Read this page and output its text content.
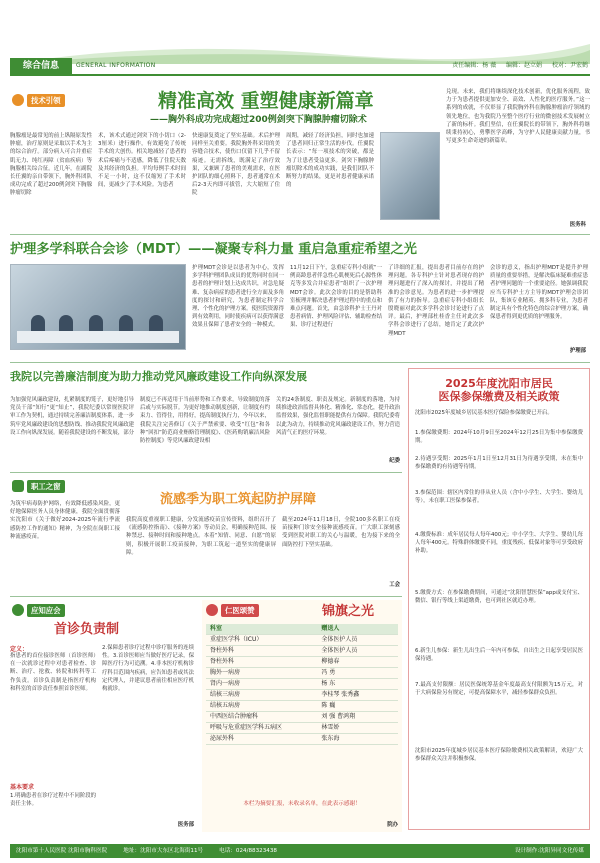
综合信息	GENERAL INFORMATION	责任编辑：杨 薇 编辑：赵立娟 校对：尹宏鹤
技术引领	精准高效 重塑健康新篇章
——胸外科成功完成超过200例剑突下胸腺肿瘤切除术
胸腺瘤是最常见的前上纵隔原发性肿瘤，治疗原则是采取以手术为主的综合治疗。部分病人可合并重症肌无力、纯红再障（贫血疾病）等胸腺相关综合征。近几年，在副院长任翼的亲自带领下，胸外科团队成功完成了超过200例剑突下胸腺肿瘤切除
术，该术式通过剑突下的小切口（2-3厘米）进行操作，有效避免了传统手术的大创伤。相关地减轻了患者的术后疼痛与不适感，降低了住院天数及其经济的负担。平均每例手术时间不足一小时，这不仅缩短了手术时间，更减少了手术风险。为患者
快速康复奠定了坚实基础。术后护理同样至关重要。我院胸外科采用的美容缝合技术，使伤口仅留下几乎不留痕迹。无需拆线，既满足了治疗效果，又兼顾了患者的美观需求，在医护团队的细心照料下，患者通常在术后2-3天内即可拔管，大大缩短了住院
周期，减轻了经济负担，同时也加速了患者回归正常生活的步伐。任翼院长表示：“每一项技术的突破，都是为了让患者受益更多。剑突下胸腺肿瘤切除术的成功实践，是我们团队不断努力的结果，更是对患者健康承诺的
兑现。未来，我们将继续深化技术创新，优化服务流程，致力于为患者提供更加安全、高效、人性化的医疗服务。”这一系列的成就，不仅彰显了我院胸外科在胸腺肿瘤治疗领域的领先地位，也为我院乃至整个医疗行业的微创技术发展树立了新的标杆。我们坚信，在任翼院长的带领下，胸外科将继续秉持初心，勇攀医学高峰，为守护人民健康贡献力量，书写更多生命奇迹的新篇章。
医务科
护理多学科联合会诊（MDT）——凝聚专科力量 重启急重症希望之光
护理MDT会诊是以患者为中心，发挥多学科护理团队成员的优势同时在同一患者的护理计划上达成共识，对急危疑难、复杂病症的患者进行全方面及多角度的探讨和研究，为患者制定科学合理、个性化的护理方案。使医院资源得到有效利用，同时使疾病可以获得满意效果且保障了患者安全的一种模式。
11月12日下午，急重症专科小组就“一例高龄患者伴急性心肌梗死后心源性休克等多发合并症患者”组织了一次护理MDT会诊。此次会诊的目的是帮助科室梳理并解决患者护理过程中的重点和难点问题。首先，由急诊科护士王丹对患者病情、护理风险评估、辅助检查结果、诊疗过程进行
了详细的汇报，提出患者目前存在的护理问题。各专科护士针对患者现存的护理问题进行了深入的探讨，并提出了精准的会诊意见。为患者的进一步护理提供了有力的指导。急重症专科小组组长殷晓丽对此次多学科会诊讨论进行了点评。最后，护理部杜桂香主任对此次多学科会诊进行了总结，她肯定了此次护理MDT
会诊的意义，指出护理MDT是提升护理质量的重要举措，是解决临床疑难重症患者护理问题的一个重要途径。她强调我院应当专科护士方主导的MDT护理会诊团队，集该专业精英、拥多科专业，为患者制定具有个性化特色的综合护理方案，确保患者得到更优质的护理服务。
护理部
我院以完善廉洁制度为助力推动党风廉政建设工作向纵深发展
为加强党风廉政建设，扎紧制度的笼子，更好地引导党员干部“知行”更“知止”，我院纪委以常规医院评审工作为契机，通过持续完善廉洁制度体系，进一步筑牢党风廉政建设的思想防线、推动我院党风廉政建设工作向纵深发展。随着我院建设的不断发展，部分
制度已不再适用于当前形势和工作要求，导致制度的落后或与实际脱节。为更好地推动制度创新，让制度有约束力、管得住，用得好，提高制度执行力，今年以来，我院关注完善修订《关于严禁索要、收受“红包”和各种“回扣”防范商业贿赂管理制度》、《医药购销廉洁风险防控制度》等党风廉政建设相
关的24条制度、职责及规定。新制度的落地，为持续推进政治监督具体化、精准化、常态化，提升政治监督效果，强化监督职能提供有力保障。我院纪委将以此为动力，持续推动党风廉政建设工作，努力营造风清气正的医疗环境。
纪委
2025年度沈阳市居民
医保参保缴费及相关政策
沈阳市2025年度城乡居民基本医疗保险参保缴费已开启。
1.参保缴费期：2024年10月9日至2024年12月25日为集中参保缴费期。
2.待遇享受期：2025年1月1日至12月31日为待遇享受期，未在集中参保缴费的有待遇等待期。
3.参保范围：辖区内常住的非从业人员（含中小学生、大学生、婴幼儿等），未在职工医保参保者。
4.缴费标准：成年居民每人每年400元；中小学生、大学生、婴幼儿每人每年400元。特殊群体缴费不同，重度残疾、低保对象等可享受政府补助。
5.缴费方式：在参保缴费期间，可通过“沈阳智慧医保”app或支付宝、微信、银行等线上渠道缴费，也可到社区就近办理。
6.新生儿参保：新生儿出生后一年内可参保，自出生之日起享受居民医保待遇。
7.最高支付限额：居民医保统筹基金年度最高支付限额为15万元，对于大病保险另有规定，可提高保障水平，减轻参保群众负担。
沈阳市2025年度城乡居民基本医疗保险缴费相关政策解读，欢迎广大参保群众关注并积极参保。
职工之窗
流感季为职工筑起防护屏障
为筑牢病毒防护网络，有效降低感染风险，更好地保障医务人员身体健康，我院全面贯彻落实沈阳市《关于做好2024-2025年流行季流感防控工作的通知》精神，为全院在岗职工接种流感疫苗。
我院高度重视职工健康，分发流感疫苗宣传资料，组织召开了《流感防控指南》、《接种方案》等动员会，明确接种范围、接种禁忌、接种时间和接种地点。本着“知情、同意、自愿”的原则，积极开展职工疫苗接种，为职工筑起一道坚实的健康屏障。
截至2024年11月18日，全院100多名职工在疫苗接种门诊安全接种流感疫苗。广大职工深刻感受到医院对职工的关心与温暖，也为接下来的全面防控打下坚实基础。
工会
应知应会
首诊负责制
定义：
指患者的首位接诊医师（首诊医师）在一次就诊过程中对患者检查、诊断、治疗、抢救、转院和转科等工作负责。首诊负责制是指医疗机构和科室的首诊责任参照首诊医师。
基本要求
1.明确患者在诊疗过程中不同阶段的责任主体。
2.保障患者诊疗过程中诊疗服务的连续性。3.首诊医师应当做好医疗记录，保障医疗行为可追溯。4.非本医疗机构诊疗科目范围内疾病，应告知患者或其法定代理人，并建议患者前往相应医疗机构就诊。
医务部
仁医颂赞	锦旗之光
科室	赠送人
重症医学科（ICU）	全体医护人员
脊柱外科	全体医护人员
脊柱外科	柳德春
胸外一病房	冯 勇
肾内一病房	杨 东
结核三病房	李桂琴 张秀鑫
结核五病房	陈 巍
中西医结合肿瘤科	刘 强 曹鸿翔
呼吸与危重症医学科五病区	林雪娇
泌尿外科	张东海
本栏为摘要汇报，未收录名单，在此表示感谢！
院办
沈阳市第十人民医院 沈阳市胸科医院	地址：沈阳市大东区北海街11号	电话：024/88323438	设计制作:沈阳异同文化传媒
